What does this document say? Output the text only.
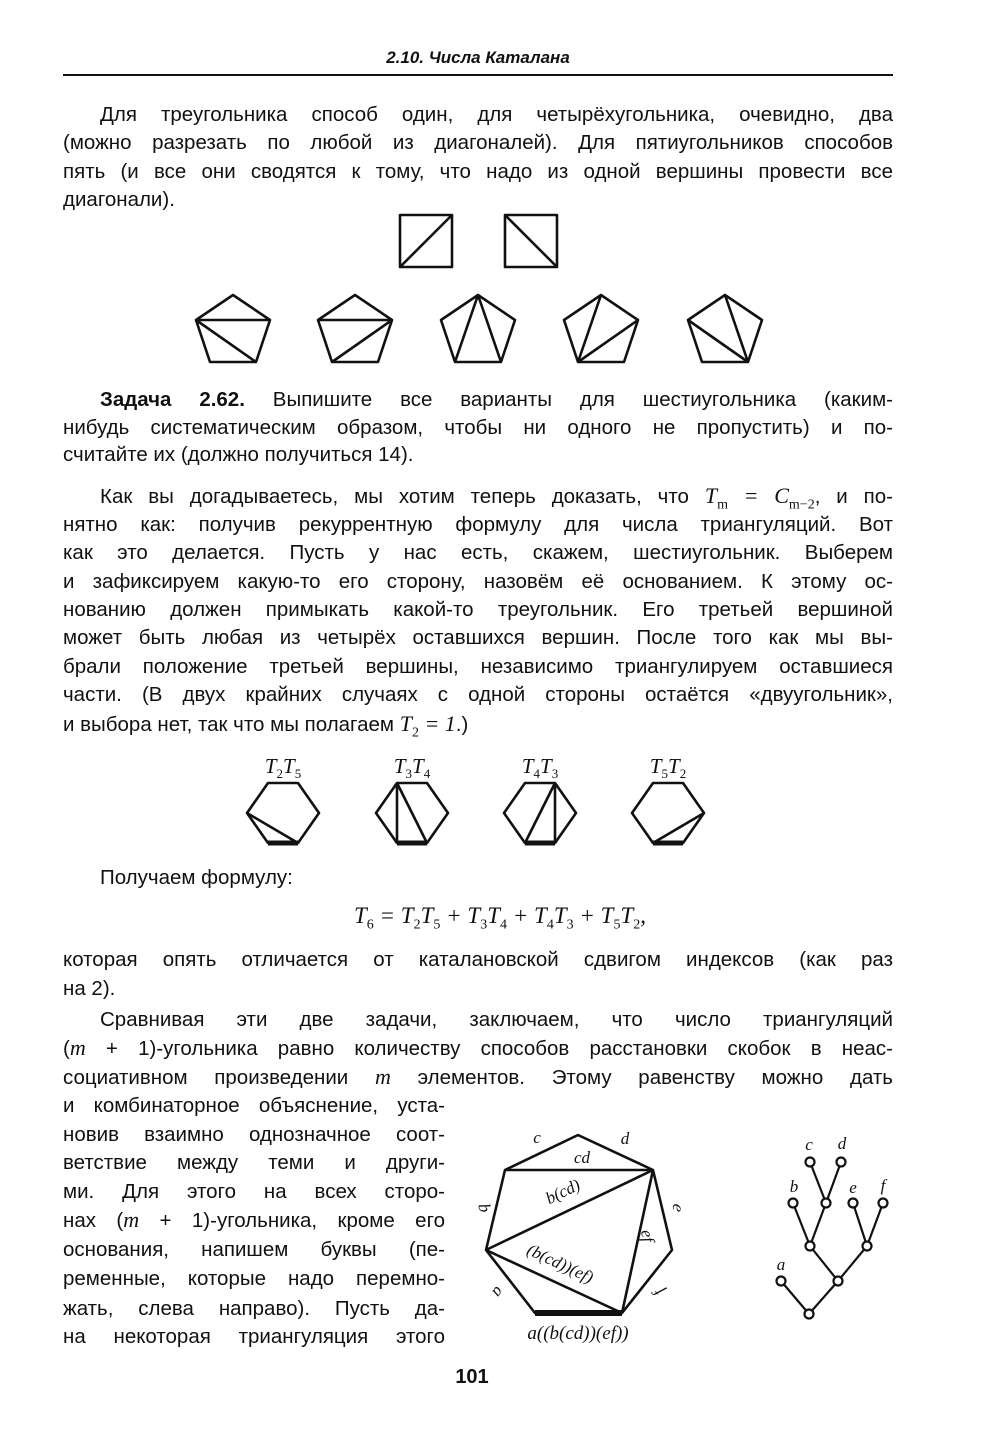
2.10. Числа Каталана
Для треугольника способ один, для четырёхугольника, очевидно, два
(можно разрезать по любой из диагоналей). Для пятиугольников способов
пять (и все они сводятся к тому, что надо из одной вершины провести все
диагонали).
Задача 2.62. Выпишите все варианты для шестиугольника (каким-
нибудь систематическим образом, чтобы ни одного не пропустить) и по-
считайте их (должно получиться 14).
Как вы догадываетесь, мы хотим теперь доказать, что $T_m = C_{m-2}$, и по-
нятно как: получив рекуррентную формулу для числа триангуляций. Вот
как это делается. Пусть у нас есть, скажем, шестиугольник. Выберем
и зафиксируем какую-то его сторону, назовём её основанием. К этому ос-
нованию должен примыкать какой-то треугольник. Его третьей вершиной
может быть любая из четырёх оставшихся вершин. После того как мы вы-
брали положение третьей вершины, независимо триангулируем оставшиеся
части. (В двух крайних случаях с одной стороны остаётся «двуугольник»,
и выбора нет, так что мы полагаем $T_2 = 1$.)
$T_2T_5$	$T_3T_4$	$T_4T_3$	$T_5T_2$
Получаем формулу:
$T_6 = T_2T_5 + T_3T_4 + T_4T_3 + T_5T_2$,
которая опять отличается от каталановской сдвигом индексов (как раз
на 2).
Сравнивая эти две задачи, заключаем, что число триангуляций
(m + 1)-угольника равно количеству способов расстановки скобок в неас-
социативном произведении m элементов. Этому равенству можно дать
и комбинаторное объяснение, уста-
новив взаимно однозначное соот-
ветствие между теми и други-
ми. Для этого на всех сторо-
нах (m + 1)-угольника, кроме его
основания, напишем буквы (пе-
ременные, которые надо перемно-
жать, слева направо). Пусть да-
на некоторая триангуляция этого
c	d
cd
b(cd)
(b(cd))(ef)
ef
b	e
a	f
a((b(cd))(ef))
c d
b	e f
a
101
